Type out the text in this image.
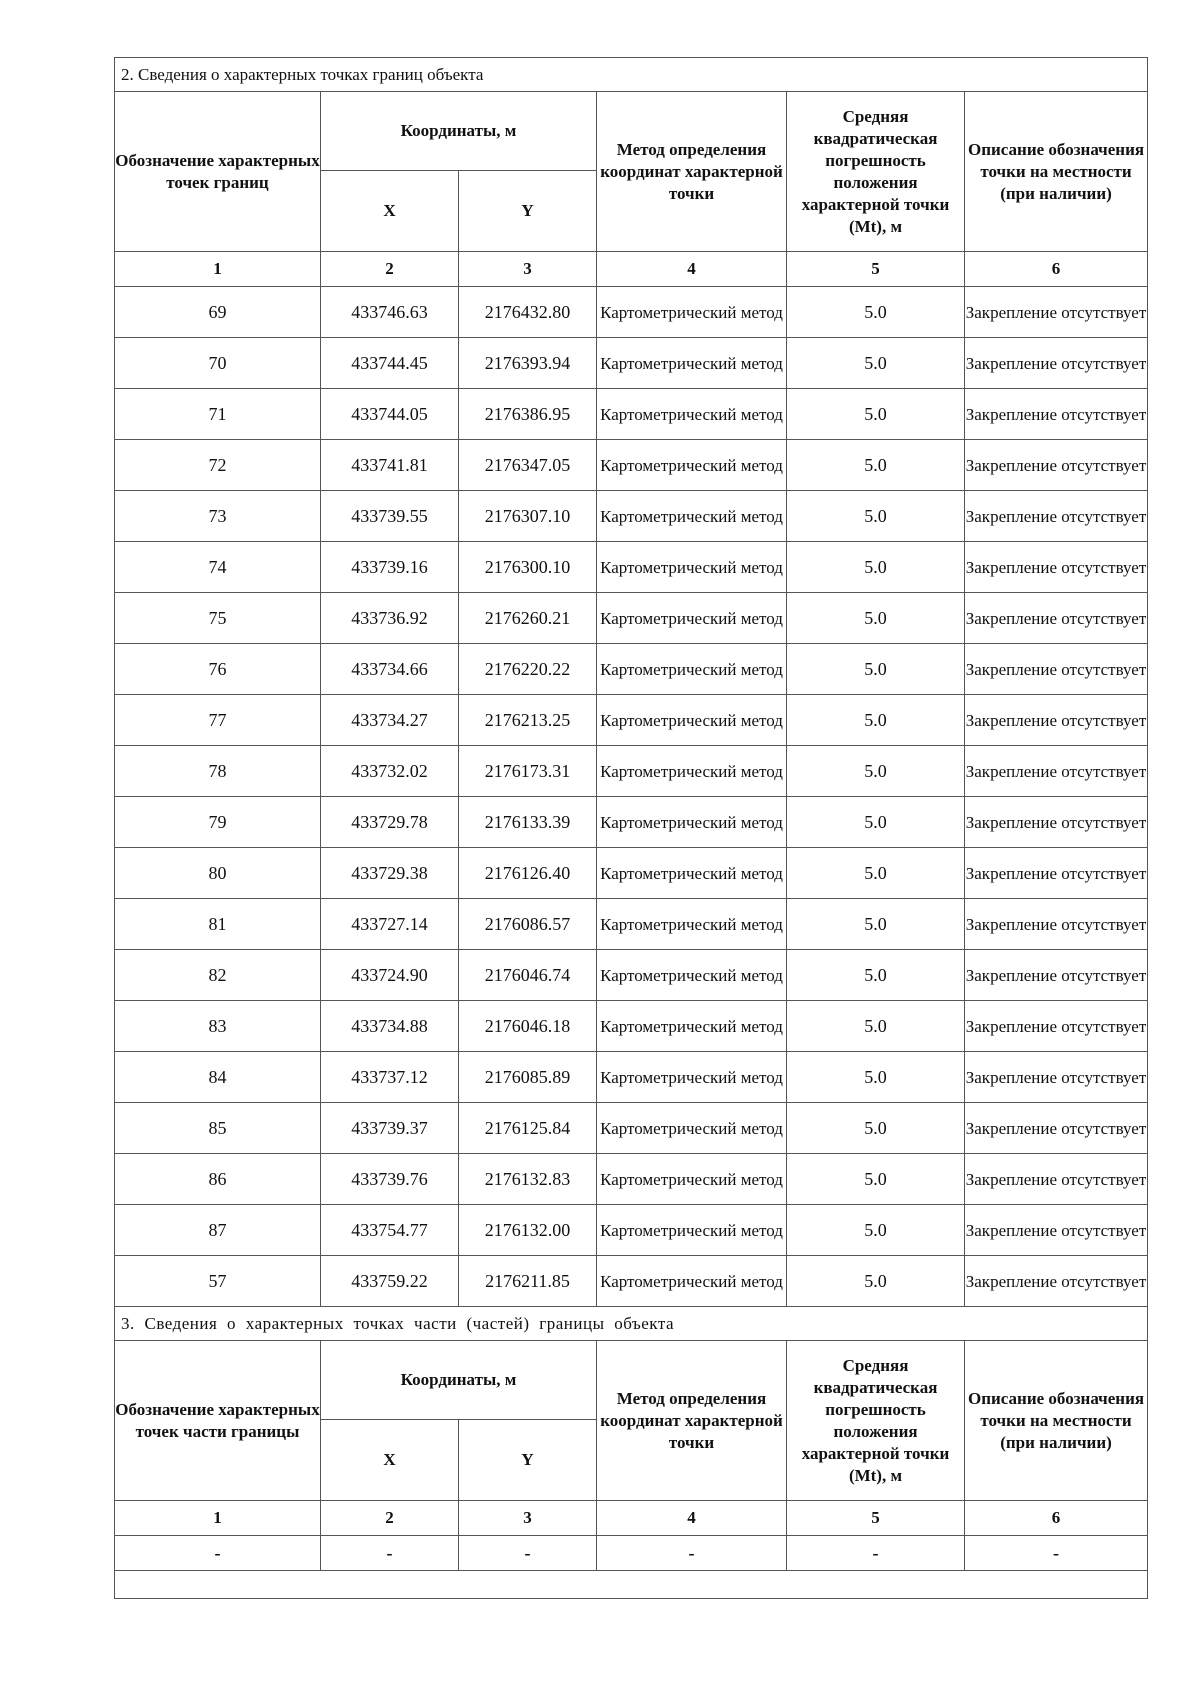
2. Сведения о характерных точках границ объекта					
Обозначение характерных точек границ	Координаты, м		Метод определения координат характерной точки	Средняя квадратическая погрешность положения характерной точки (Mt), м	Описание обозначения точки на местности (при наличии)
	X	Y			
1	2	3	4	5	6
69	433746.63	2176432.80	Картометрический метод	5.0	Закрепление отсутствует
70	433744.45	2176393.94	Картометрический метод	5.0	Закрепление отсутствует
71	433744.05	2176386.95	Картометрический метод	5.0	Закрепление отсутствует
72	433741.81	2176347.05	Картометрический метод	5.0	Закрепление отсутствует
73	433739.55	2176307.10	Картометрический метод	5.0	Закрепление отсутствует
74	433739.16	2176300.10	Картометрический метод	5.0	Закрепление отсутствует
75	433736.92	2176260.21	Картометрический метод	5.0	Закрепление отсутствует
76	433734.66	2176220.22	Картометрический метод	5.0	Закрепление отсутствует
77	433734.27	2176213.25	Картометрический метод	5.0	Закрепление отсутствует
78	433732.02	2176173.31	Картометрический метод	5.0	Закрепление отсутствует
79	433729.78	2176133.39	Картометрический метод	5.0	Закрепление отсутствует
80	433729.38	2176126.40	Картометрический метод	5.0	Закрепление отсутствует
81	433727.14	2176086.57	Картометрический метод	5.0	Закрепление отсутствует
82	433724.90	2176046.74	Картометрический метод	5.0	Закрепление отсутствует
83	433734.88	2176046.18	Картометрический метод	5.0	Закрепление отсутствует
84	433737.12	2176085.89	Картометрический метод	5.0	Закрепление отсутствует
85	433739.37	2176125.84	Картометрический метод	5.0	Закрепление отсутствует
86	433739.76	2176132.83	Картометрический метод	5.0	Закрепление отсутствует
87	433754.77	2176132.00	Картометрический метод	5.0	Закрепление отсутствует
57	433759.22	2176211.85	Картометрический метод	5.0	Закрепление отсутствует
3. Сведения о характерных точках части (частей) границы объекта					
Обозначение характерных точек части границы	Координаты, м		Метод определения координат характерной точки	Средняя квадратическая погрешность положения характерной точки (Mt), м	Описание обозначения точки на местности (при наличии)
	X	Y			
1	2	3	4	5	6
-	-	-	-	-	-
